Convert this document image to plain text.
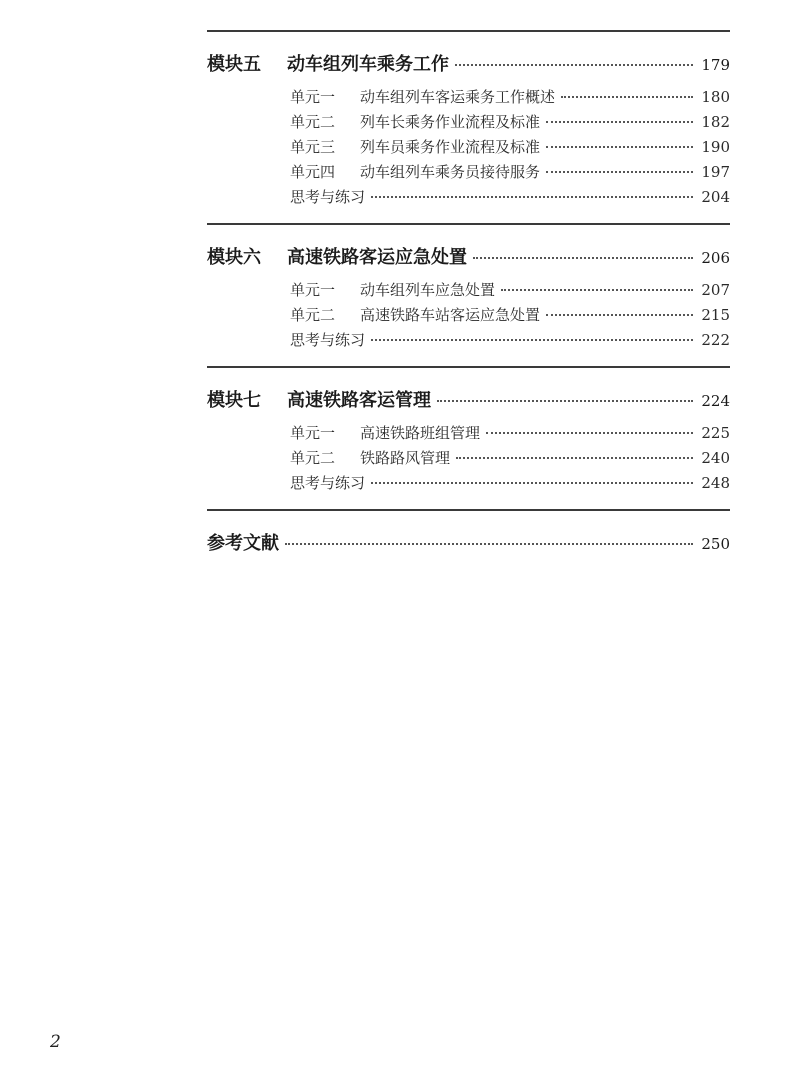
模块五	动车组列车乘务工作	179
单元一	动车组列车客运乘务工作概述	180
单元二	列车长乘务作业流程及标准	182
单元三	列车员乘务作业流程及标准	190
单元四	动车组列车乘务员接待服务	197
思考与练习	204
模块六	高速铁路客运应急处置	206
单元一	动车组列车应急处置	207
单元二	高速铁路车站客运应急处置	215
思考与练习	222
模块七	高速铁路客运管理	224
单元一	高速铁路班组管理	225
单元二	铁路路风管理	240
思考与练习	248
参考文献	250
2
